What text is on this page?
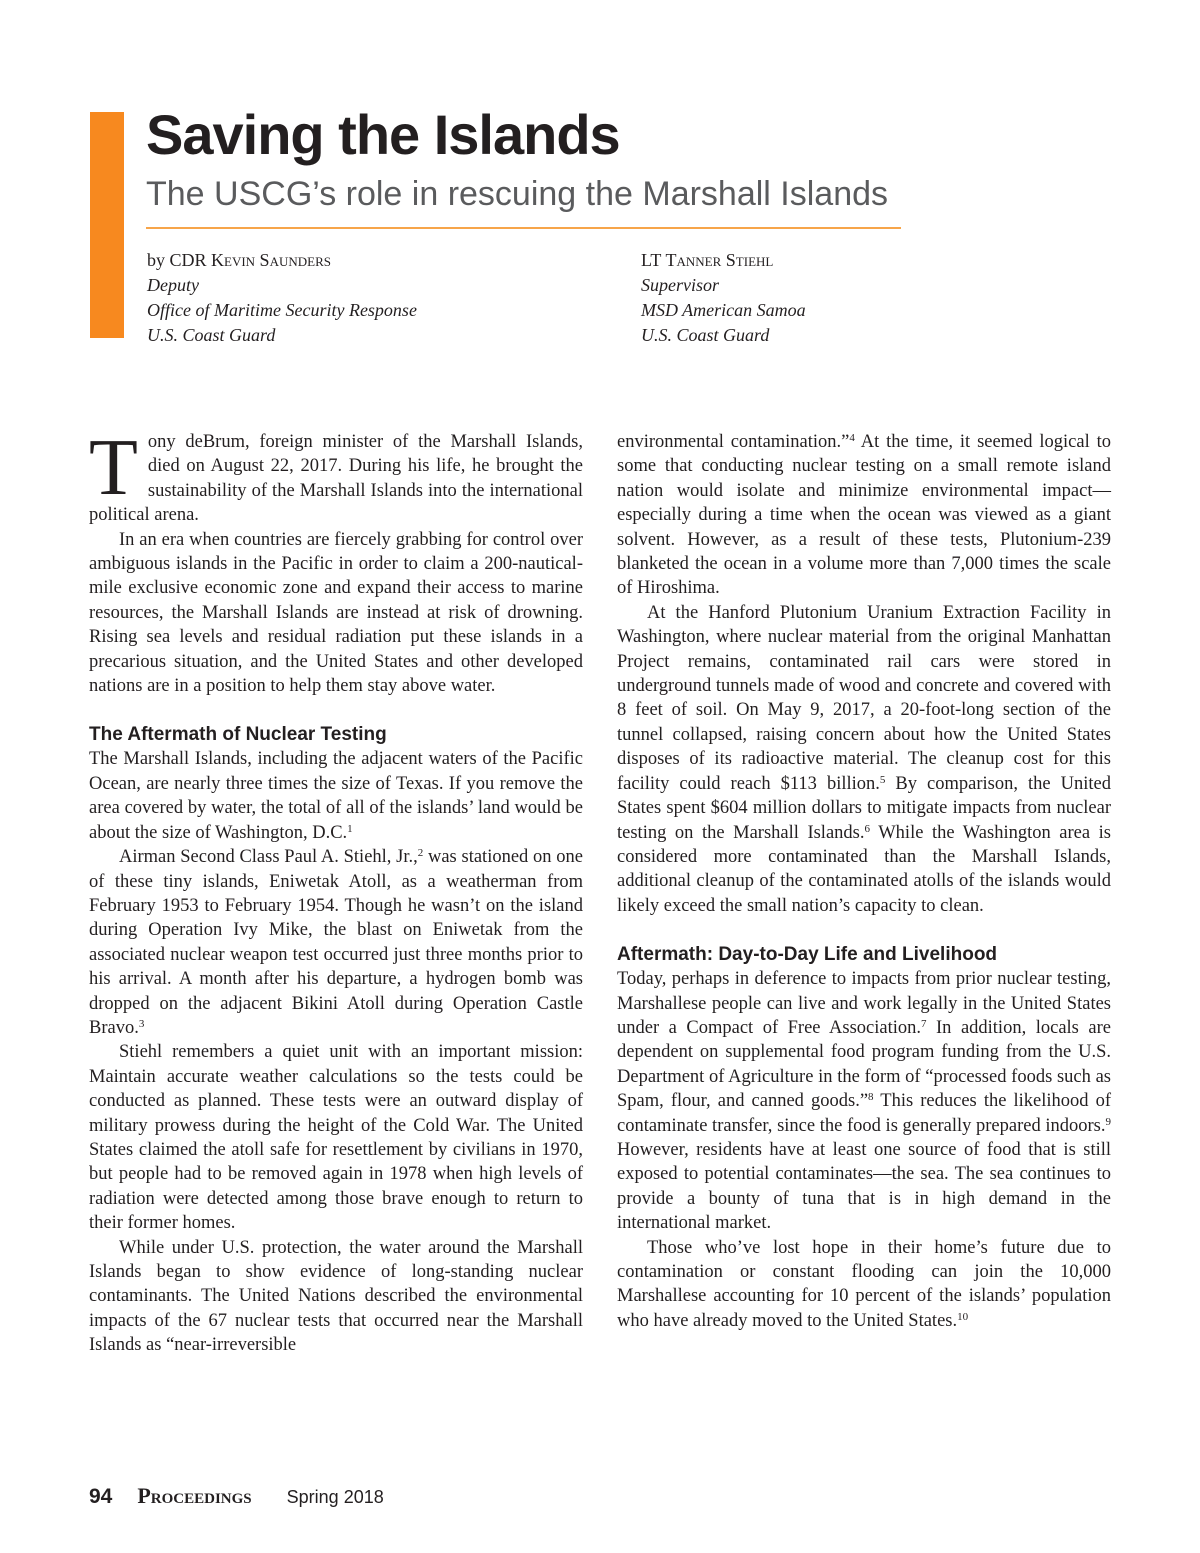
Saving the Islands
The USCG’s role in rescuing the Marshall Islands
by CDR Kevin Saunders
Deputy
Office of Maritime Security Response
U.S. Coast Guard
LT Tanner Stiehl
Supervisor
MSD American Samoa
U.S. Coast Guard

Tony deBrum, foreign minister of the Marshall Islands, died on August 22, 2017. During his life, he brought the sustainability of the Marshall Islands into the international political arena.

In an era when countries are fiercely grabbing for control over ambiguous islands in the Pacific in order to claim a 200-nautical-mile exclusive economic zone and expand their access to marine resources, the Marshall Islands are instead at risk of drowning. Rising sea levels and residual radiation put these islands in a precarious situation, and the United States and other developed nations are in a position to help them stay above water.

The Aftermath of Nuclear Testing

The Marshall Islands, including the adjacent waters of the Pacific Ocean, are nearly three times the size of Texas. If you remove the area covered by water, the total of all of the islands’ land would be about the size of Washington, D.C.$^1$

Airman Second Class Paul A. Stiehl, Jr.,$^2$ was stationed on one of these tiny islands, Eniwetak Atoll, as a weatherman from February 1953 to February 1954. Though he wasn’t on the island during Operation Ivy Mike, the blast on Eniwetak from the associated nuclear weapon test occurred just three months prior to his arrival. A month after his departure, a hydrogen bomb was dropped on the adjacent Bikini Atoll during Operation Castle Bravo.$^3$

Stiehl remembers a quiet unit with an important mission: Maintain accurate weather calculations so the tests could be conducted as planned. These tests were an outward display of military prowess during the height of the Cold War. The United States claimed the atoll safe for resettlement by civilians in 1970, but people had to be removed again in 1978 when high levels of radiation were detected among those brave enough to return to their former homes.

While under U.S. protection, the water around the Marshall Islands began to show evidence of long-standing nuclear contaminants. The United Nations described the environmental impacts of the 67 nuclear tests that occurred near the Marshall Islands as “near-irreversible

environmental contamination.”$^4$ At the time, it seemed logical to some that conducting nuclear testing on a small remote island nation would isolate and minimize environmental impact—especially during a time when the ocean was viewed as a giant solvent. However, as a result of these tests, Plutonium-239 blanketed the ocean in a volume more than 7,000 times the scale of Hiroshima.

At the Hanford Plutonium Uranium Extraction Facility in Washington, where nuclear material from the original Manhattan Project remains, contaminated rail cars were stored in underground tunnels made of wood and concrete and covered with 8 feet of soil. On May 9, 2017, a 20-foot-long section of the tunnel collapsed, raising concern about how the United States disposes of its radioactive material. The cleanup cost for this facility could reach $113 billion.$^5$ By comparison, the United States spent $604 million dollars to mitigate impacts from nuclear testing on the Marshall Islands.$^6$ While the Washington area is considered more contaminated than the Marshall Islands, additional cleanup of the contaminated atolls of the islands would likely exceed the small nation’s capacity to clean.

Aftermath: Day-to-Day Life and Livelihood

Today, perhaps in deference to impacts from prior nuclear testing, Marshallese people can live and work legally in the United States under a Compact of Free Association.$^7$ In addition, locals are dependent on supplemental food program funding from the U.S. Department of Agriculture in the form of “processed foods such as Spam, flour, and canned goods.”$^8$ This reduces the likelihood of contaminate transfer, since the food is generally prepared indoors.$^9$ However, residents have at least one source of food that is still exposed to potential contaminates—the sea. The sea continues to provide a bounty of tuna that is in high demand in the international market.

Those who’ve lost hope in their home’s future due to contamination or constant flooding can join the 10,000 Marshallese accounting for 10 percent of the islands’ population who have already moved to the United States.$^{10}$

94 Proceedings Spring 2018
